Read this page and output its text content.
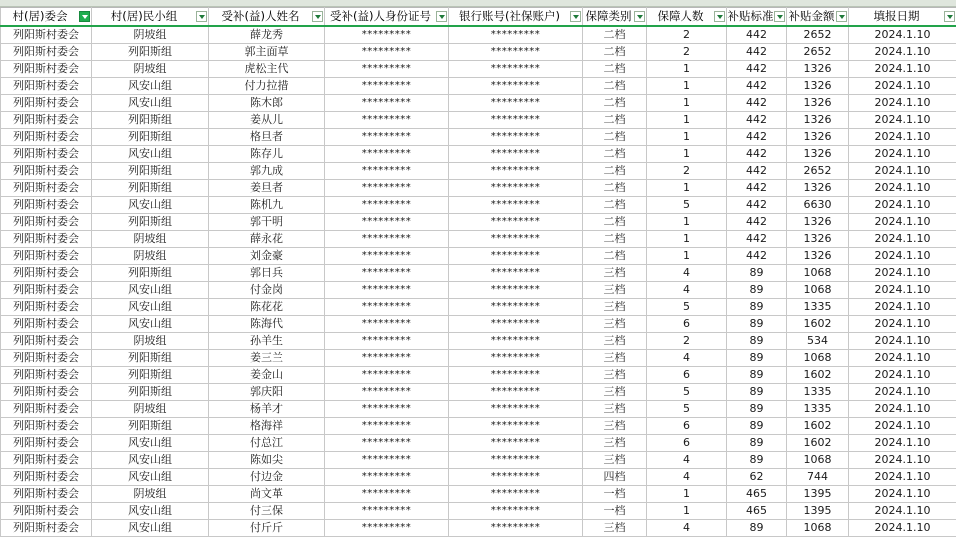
村(居)委会	村(居)民小组	受补(益)人姓名	受补(益)人身份证号	银行账号(社保账户)	保障类别	保障人数	补贴标准	补贴金额	填报日期

列阳斯村委会	阴坡组	薛龙秀	*********	*********	二档	2	442	2652	2024.1.10
列阳斯村委会	列阳斯组	郭主面草	*********	*********	二档	2	442	2652	2024.1.10
列阳斯村委会	阴坡组	虎松主代	*********	*********	二档	1	442	1326	2024.1.10
列阳斯村委会	风安山组	付力拉措	*********	*********	二档	1	442	1326	2024.1.10
列阳斯村委会	风安山组	陈木郎	*********	*********	二档	1	442	1326	2024.1.10
列阳斯村委会	列阳斯组	姜从儿	*********	*********	二档	1	442	1326	2024.1.10
列阳斯村委会	列阳斯组	格旦者	*********	*********	二档	1	442	1326	2024.1.10
列阳斯村委会	风安山组	陈存儿	*********	*********	二档	1	442	1326	2024.1.10
列阳斯村委会	列阳斯组	郭九成	*********	*********	二档	2	442	2652	2024.1.10
列阳斯村委会	列阳斯组	姜旦者	*********	*********	二档	1	442	1326	2024.1.10
列阳斯村委会	风安山组	陈机九	*********	*********	二档	5	442	6630	2024.1.10
列阳斯村委会	列阳斯组	郭干明	*********	*********	二档	1	442	1326	2024.1.10
列阳斯村委会	阴坡组	薛永花	*********	*********	二档	1	442	1326	2024.1.10
列阳斯村委会	阴坡组	刘金豪	*********	*********	二档	1	442	1326	2024.1.10
列阳斯村委会	列阳斯组	郭日兵	*********	*********	三档	4	89	1068	2024.1.10
列阳斯村委会	风安山组	付金岗	*********	*********	三档	4	89	1068	2024.1.10
列阳斯村委会	风安山组	陈花花	*********	*********	三档	5	89	1335	2024.1.10
列阳斯村委会	风安山组	陈海代	*********	*********	三档	6	89	1602	2024.1.10
列阳斯村委会	阴坡组	孙羊生	*********	*********	三档	2	89	534	2024.1.10
列阳斯村委会	列阳斯组	姜三兰	*********	*********	三档	4	89	1068	2024.1.10
列阳斯村委会	列阳斯组	姜金山	*********	*********	三档	6	89	1602	2024.1.10
列阳斯村委会	列阳斯组	郭庆阳	*********	*********	三档	5	89	1335	2024.1.10
列阳斯村委会	阴坡组	杨羊才	*********	*********	三档	5	89	1335	2024.1.10
列阳斯村委会	列阳斯组	格海祥	*********	*********	三档	6	89	1602	2024.1.10
列阳斯村委会	风安山组	付总江	*********	*********	三档	6	89	1602	2024.1.10
列阳斯村委会	风安山组	陈如尖	*********	*********	三档	4	89	1068	2024.1.10
列阳斯村委会	风安山组	付边金	*********	*********	四档	4	62	744	2024.1.10
列阳斯村委会	阴坡组	尚文革	*********	*********	一档	1	465	1395	2024.1.10
列阳斯村委会	风安山组	付三保	*********	*********	一档	1	465	1395	2024.1.10
列阳斯村委会	风安山组	付斤斤	*********	*********	三档	4	89	1068	2024.1.10
